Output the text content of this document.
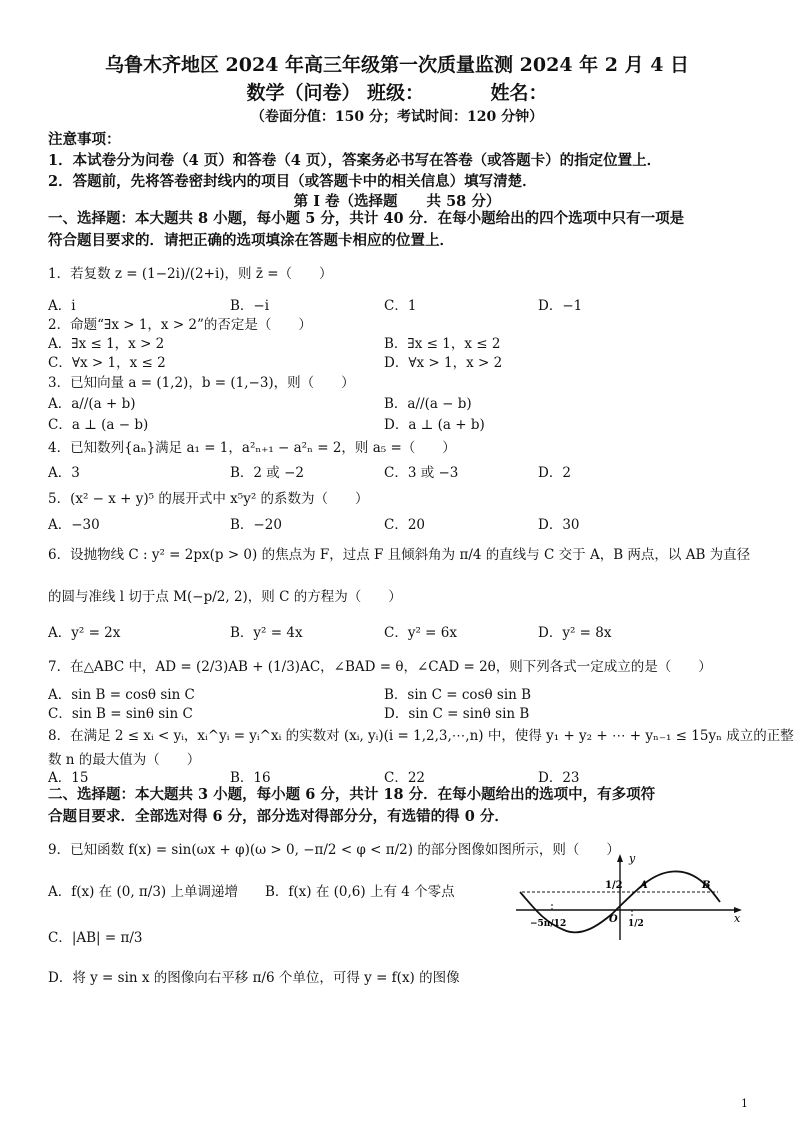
乌鲁木齐地区 2024 年高三年级第一次质量监测 2024 年 2 月 4 日
数学（问卷） 班级：　　　　姓名：
（卷面分值：150 分；考试时间：120 分钟）
注意事项：
1．本试卷分为问卷（4 页）和答卷（4 页），答案务必书写在答卷（或答题卡）的指定位置上．
2．答题前，先将答卷密封线内的项目（或答题卡中的相关信息）填写清楚．
第 I 卷（选择题　　共 58 分）
一、选择题：本大题共 8 小题，每小题 5 分，共计 40 分．在每小题给出的四个选项中只有一项是
符合题目要求的．请把正确的选项填涂在答题卡相应的位置上．
1．若复数 z = (1−2i)/(2+i)，则 z̄ =（　　）
A．i	B．−i	C．1	D．−1
2．命题“∃x > 1，x > 2”的否定是（　　）
A．∃x ≤ 1，x > 2	B．∃x ≤ 1，x ≤ 2
C．∀x > 1，x ≤ 2	D．∀x > 1，x > 2
3．已知向量 a = (1,2)，b = (1,−3)，则（　　）
A．a//(a + b)	B．a//(a − b)
C．a ⊥ (a − b)	D．a ⊥ (a + b)
4．已知数列{aₙ}满足 a₁ = 1，a²ₙ₊₁ − a²ₙ = 2，则 a₅ =（　　）
A．3	B．2 或 −2	C．3 或 −3	D．2
5．(x² − x + y)⁵ 的展开式中 x⁵y² 的系数为（　　）
A．−30	B．−20	C．20	D．30
6．设抛物线 C : y² = 2px(p > 0) 的焦点为 F，过点 F 且倾斜角为 π/4 的直线与 C 交于 A，B 两点，以 AB 为直径
的圆与准线 l 切于点 M(−p/2, 2)，则 C 的方程为（　　）
A．y² = 2x	B．y² = 4x	C．y² = 6x	D．y² = 8x
7．在△ABC 中，AD = (2/3)AB + (1/3)AC，∠BAD = θ，∠CAD = 2θ，则下列各式一定成立的是（　　）
A．sin B = cosθ sin C	B．sin C = cosθ sin B
C．sin B = sinθ sin C	D．sin C = sinθ sin B
8．在满足 2 ≤ xᵢ < yᵢ，xᵢ^yᵢ = yᵢ^xᵢ 的实数对 (xᵢ, yᵢ)(i = 1,2,3,⋯,n) 中，使得 y₁ + y₂ + ⋯ + yₙ₋₁ ≤ 15yₙ 成立的正整
数 n 的最大值为（　　）
A．15	B．16	C．22	D．23
二、选择题：本大题共 3 小题，每小题 6 分，共计 18 分．在每小题给出的选项中，有多项符
合题目要求．全部选对得 6 分，部分选对得部分分，有选错的得 0 分．
9．已知函数 f(x) = sin(ωx + φ)(ω > 0, −π/2 < φ < π/2) 的部分图像如图所示，则（　　）
A．f(x) 在 (0, π/3) 上单调递增 B．f(x) 在 (0,6) 上有 4 个零点
C．|AB| = π/3
D．将 y = sin x 的图像向右平移 π/6 个单位，可得 y = f(x) 的图像
y
x
1/2 A	B
O
−5π/12	1/2
1
